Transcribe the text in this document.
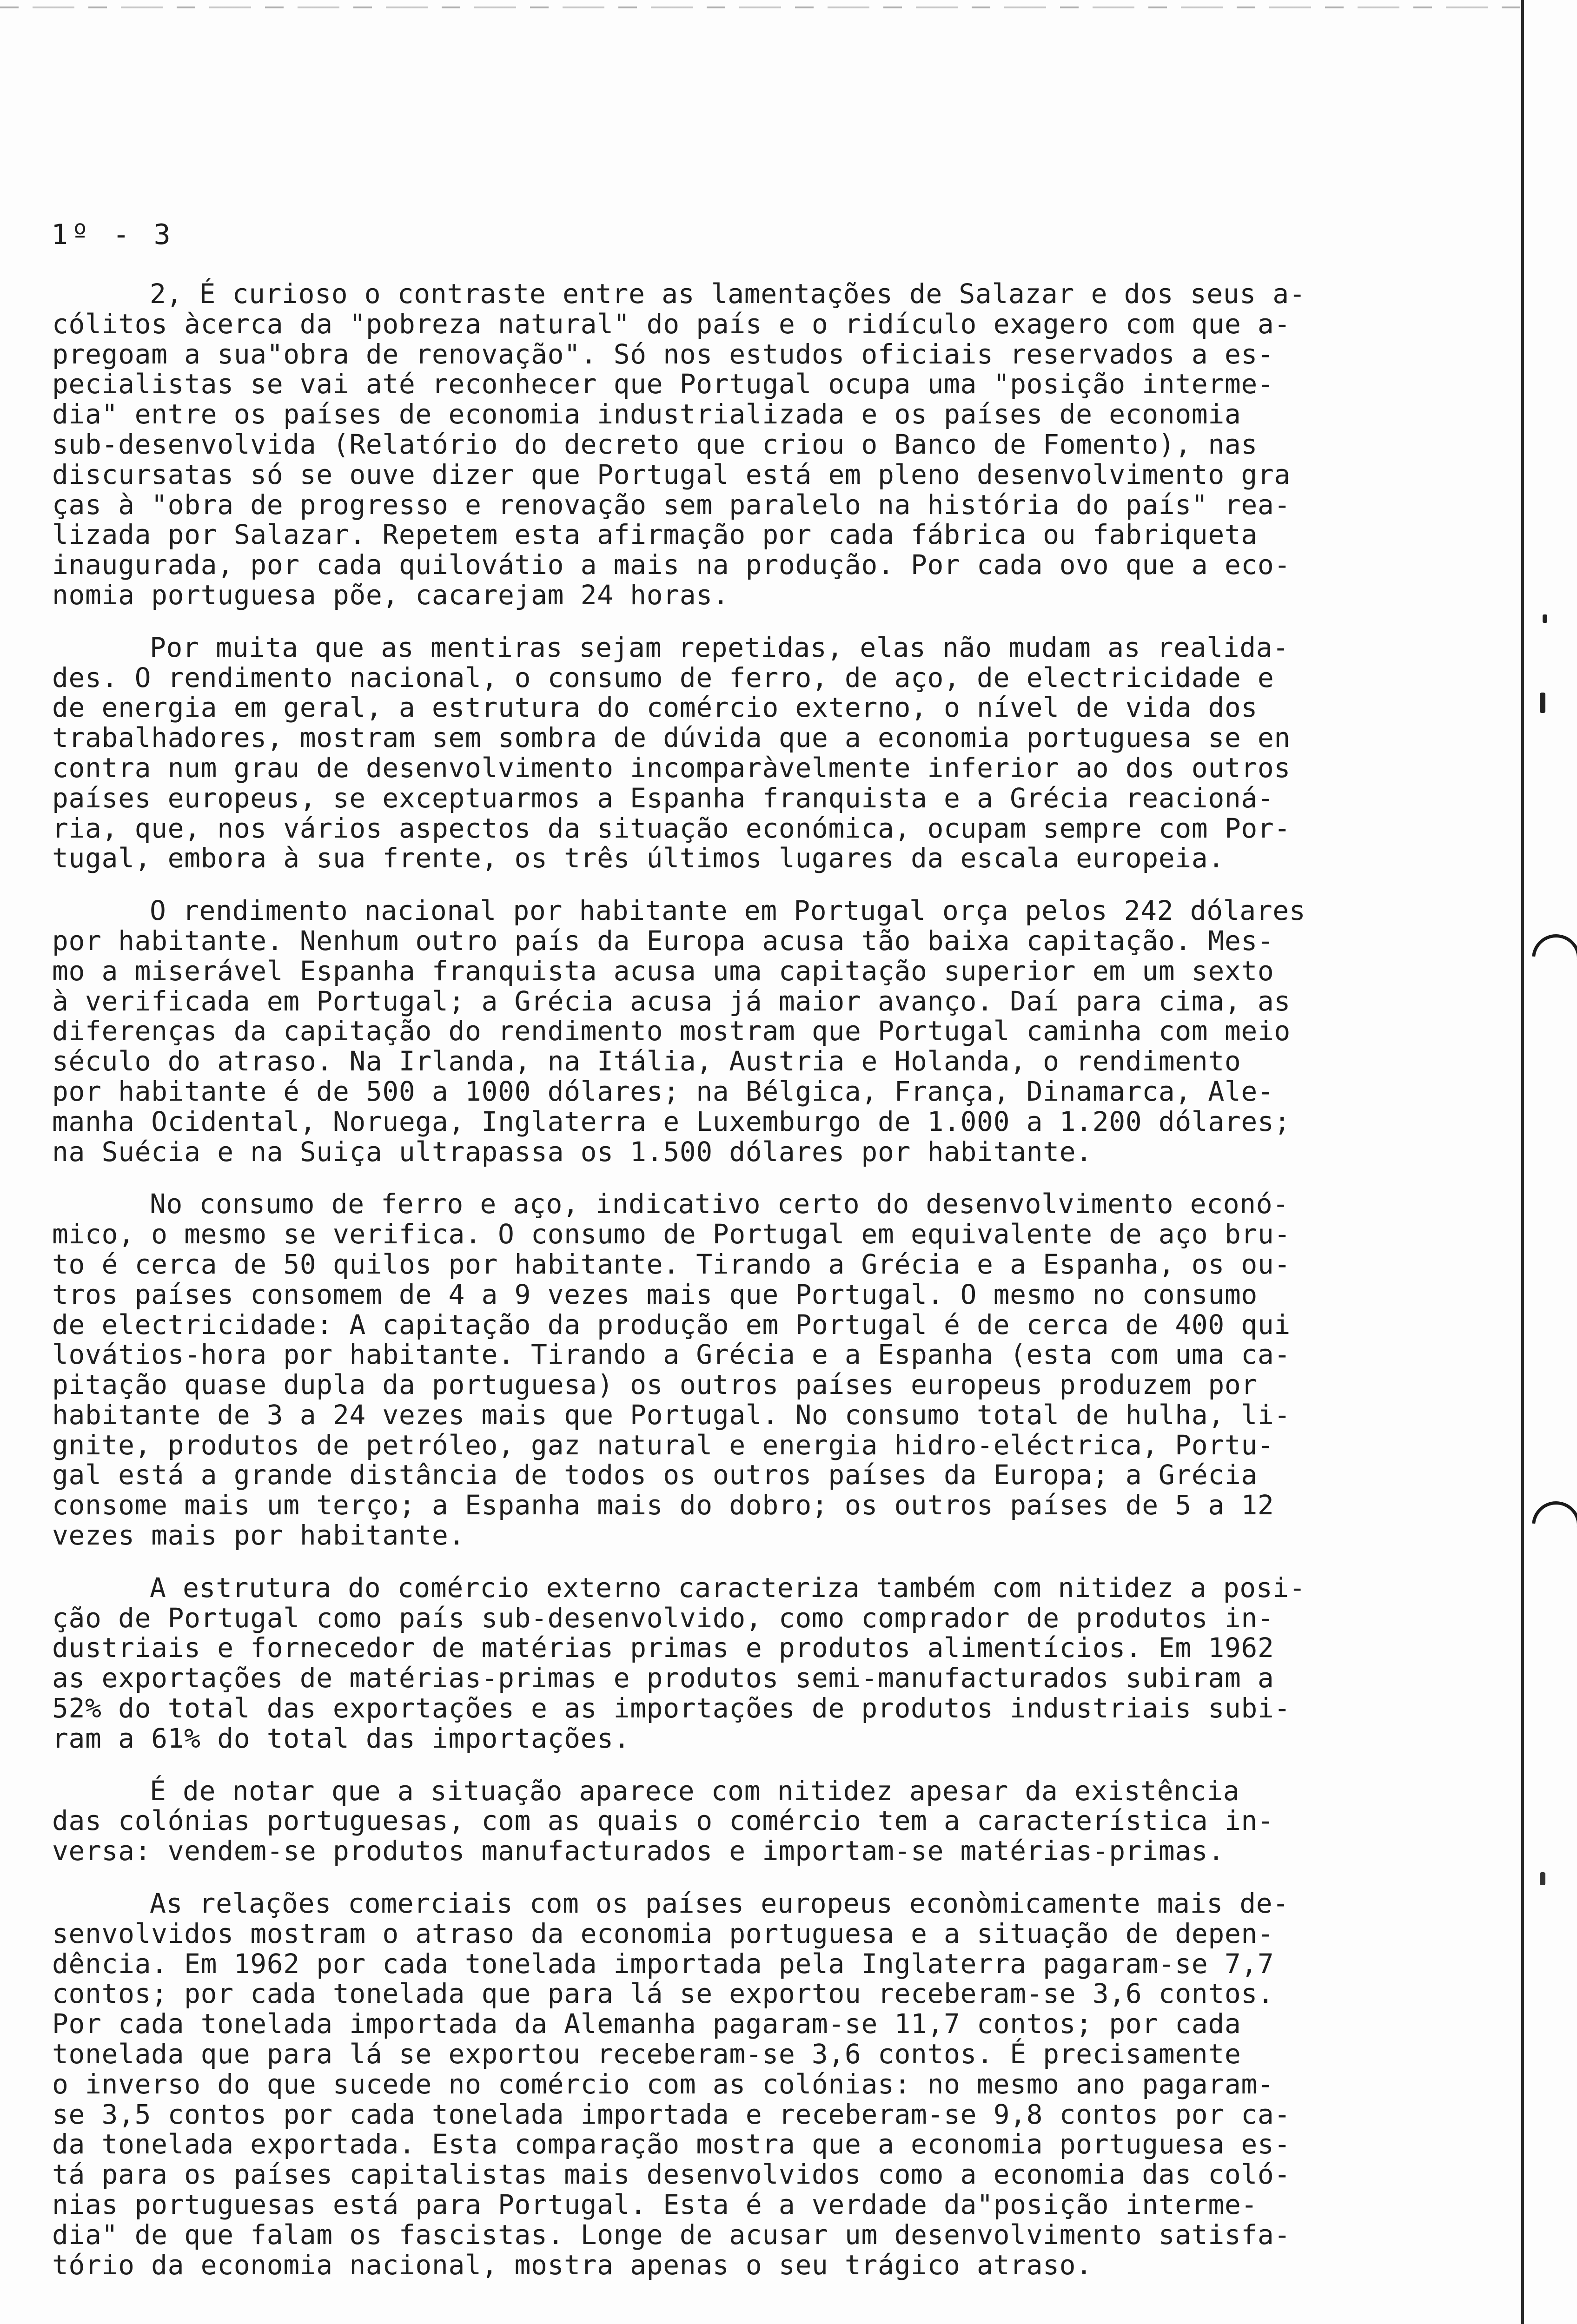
1º - 3
2, É curioso o contraste entre as lamentações de Salazar e dos seus a-
cólitos àcerca da "pobreza natural" do país e o ridículo exagero com que a-
pregoam a sua"obra de renovação". Só nos estudos oficiais reservados a es-
pecialistas se vai até reconhecer que Portugal ocupa uma "posição interme-
dia" entre os países de economia industrializada e os países de economia
sub-desenvolvida (Relatório do decreto que criou o Banco de Fomento), nas
discursatas só se ouve dizer que Portugal está em pleno desenvolvimento gra
ças à "obra de progresso e renovação sem paralelo na história do país" rea-
lizada por Salazar. Repetem esta afirmação por cada fábrica ou fabriqueta
inaugurada, por cada quilovátio a mais na produção. Por cada ovo que a eco-
nomia portuguesa põe, cacarejam 24 horas.
Por muita que as mentiras sejam repetidas, elas não mudam as realida-
des. O rendimento nacional, o consumo de ferro, de aço, de electricidade e
de energia em geral, a estrutura do comércio externo, o nível de vida dos
trabalhadores, mostram sem sombra de dúvida que a economia portuguesa se en
contra num grau de desenvolvimento incomparàvelmente inferior ao dos outros
países europeus, se exceptuarmos a Espanha franquista e a Grécia reacioná-
ria, que, nos vários aspectos da situação económica, ocupam sempre com Por-
tugal, embora à sua frente, os três últimos lugares da escala europeia.
O rendimento nacional por habitante em Portugal orça pelos 242 dólares
por habitante. Nenhum outro país da Europa acusa tão baixa capitação. Mes-
mo a miserável Espanha franquista acusa uma capitação superior em um sexto
à verificada em Portugal; a Grécia acusa já maior avanço. Daí para cima, as
diferenças da capitação do rendimento mostram que Portugal caminha com meio
século do atraso. Na Irlanda, na Itália, Austria e Holanda, o rendimento
por habitante é de 500 a 1000 dólares; na Bélgica, França, Dinamarca, Ale-
manha Ocidental, Noruega, Inglaterra e Luxemburgo de 1.000 a 1.200 dólares;
na Suécia e na Suiça ultrapassa os 1.500 dólares por habitante.
No consumo de ferro e aço, indicativo certo do desenvolvimento econó-
mico, o mesmo se verifica. O consumo de Portugal em equivalente de aço bru-
to é cerca de 50 quilos por habitante. Tirando a Grécia e a Espanha, os ou-
tros países consomem de 4 a 9 vezes mais que Portugal. O mesmo no consumo
de electricidade: A capitação da produção em Portugal é de cerca de 400 qui
lovátios-hora por habitante. Tirando a Grécia e a Espanha (esta com uma ca-
pitação quase dupla da portuguesa) os outros países europeus produzem por
habitante de 3 a 24 vezes mais que Portugal. No consumo total de hulha, li-
gnite, produtos de petróleo, gaz natural e energia hidro-eléctrica, Portu-
gal está a grande distância de todos os outros países da Europa; a Grécia
consome mais um terço; a Espanha mais do dobro; os outros países de 5 a 12
vezes mais por habitante.
A estrutura do comércio externo caracteriza também com nitidez a posi-
ção de Portugal como país sub-desenvolvido, como comprador de produtos in-
dustriais e fornecedor de matérias primas e produtos alimentícios. Em 1962
as exportações de matérias-primas e produtos semi-manufacturados subiram a
52% do total das exportações e as importações de produtos industriais subi-
ram a 61% do total das importações.
É de notar que a situação aparece com nitidez apesar da existência
das colónias portuguesas, com as quais o comércio tem a característica in-
versa: vendem-se produtos manufacturados e importam-se matérias-primas.
As relações comerciais com os países europeus econòmicamente mais de-
senvolvidos mostram o atraso da economia portuguesa e a situação de depen-
dência. Em 1962 por cada tonelada importada pela Inglaterra pagaram-se 7,7
contos; por cada tonelada que para lá se exportou receberam-se 3,6 contos.
Por cada tonelada importada da Alemanha pagaram-se 11,7 contos; por cada
tonelada que para lá se exportou receberam-se 3,6 contos. É precisamente
o inverso do que sucede no comércio com as colónias: no mesmo ano pagaram-
se 3,5 contos por cada tonelada importada e receberam-se 9,8 contos por ca-
da tonelada exportada. Esta comparação mostra que a economia portuguesa es-
tá para os países capitalistas mais desenvolvidos como a economia das coló-
nias portuguesas está para Portugal. Esta é a verdade da"posição interme-
dia" de que falam os fascistas. Longe de acusar um desenvolvimento satisfa-
tório da economia nacional, mostra apenas o seu trágico atraso.
